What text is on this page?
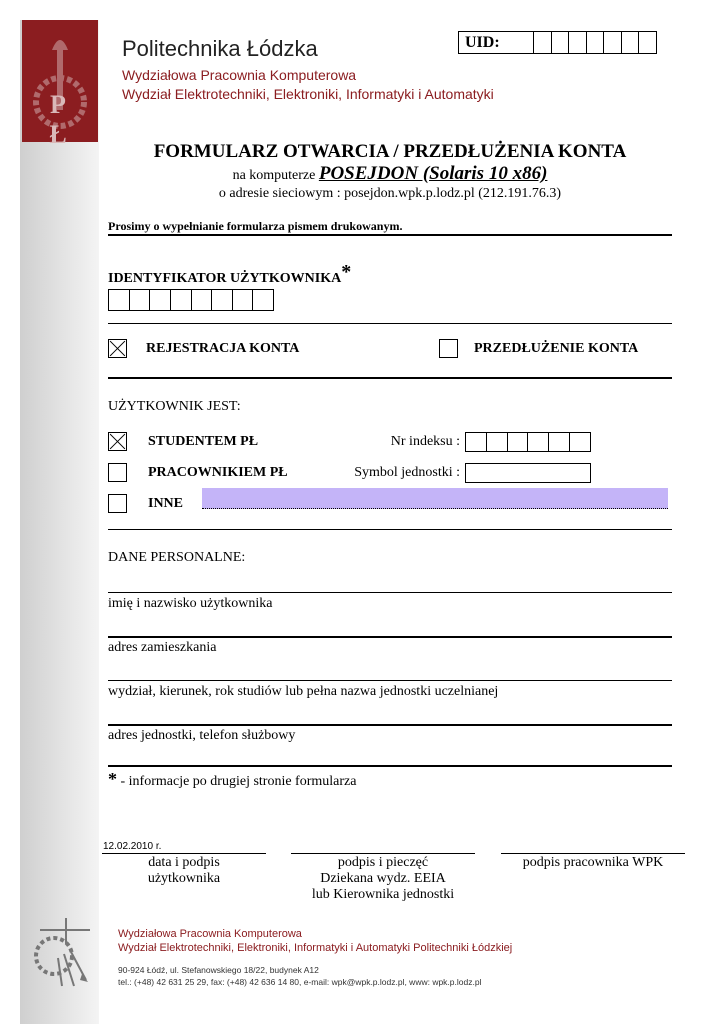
P Ł
Politechnika Łódzka
Wydziałowa Pracownia Komputerowa
Wydział Elektrotechniki, Elektroniki, Informatyki i Automatyki
UID:
FORMULARZ OTWARCIA / PRZEDŁUŻENIA KONTA
na komputerze POSEJDON (Solaris 10 x86)
o adresie sieciowym : posejdon.wpk.p.lodz.pl (212.191.76.3)
Prosimy o wypełnianie formularza pismem drukowanym.
IDENTYFIKATOR UŻYTKOWNIKA*
REJESTRACJA KONTA	PRZEDŁUŻENIE KONTA
UŻYTKOWNIK JEST:
STUDENTEM PŁ	Nr indeksu :
PRACOWNIKIEM PŁ	Symbol jednostki :
INNE
DANE PERSONALNE:
imię i nazwisko użytkownika
adres zamieszkania
wydział, kierunek, rok studiów lub pełna nazwa jednostki uczelnianej
adres jednostki, telefon służbowy
* - informacje po drugiej stronie formularza
12.02.2010 r.
data i podpis
użytkownika
podpis i pieczęć
Dziekana wydz. EEIA
lub Kierownika jednostki
podpis pracownika WPK
Wydziałowa Pracownia Komputerowa
Wydział Elektrotechniki, Elektroniki, Informatyki i Automatyki Politechniki Łódzkiej
90-924 Łódź, ul. Stefanowskiego 18/22, budynek A12
tel.: (+48) 42 631 25 29, fax: (+48) 42 636 14 80, e-mail: wpk@wpk.p.lodz.pl, www: wpk.p.lodz.pl
